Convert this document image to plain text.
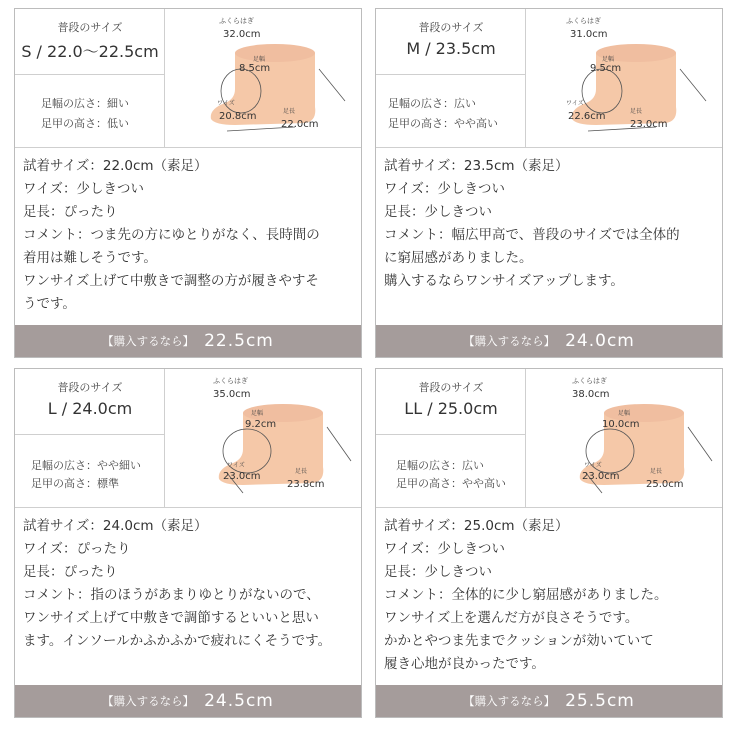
普段のサイズ
S / 22.0〜22.5cm
足幅の広さ：細い
足甲の高さ：低い
ふくらはぎ
32.0cm
足幅
8.5cm
ワイズ
20.8cm	足長
22.0cm
試着サイズ：22.0cm（素足）
ワイズ：少しきつい
足長：ぴったり
コメント：つま先の方にゆとりがなく、長時間の
着用は難しそうです。
ワンサイズ上げて中敷きで調整の方が履きやすそ
うです。
【購入するなら】 22.5cm
普段のサイズ
M / 23.5cm
足幅の広さ：広い
足甲の高さ：やや高い
ふくらはぎ
31.0cm
足幅
9.5cm
ワイズ
22.6cm	足長
23.0cm
試着サイズ：23.5cm（素足）
ワイズ：少しきつい
足長：少しきつい
コメント：幅広甲高で、普段のサイズでは全体的
に窮屈感がありました。
購入するならワンサイズアップします。
【購入するなら】 24.0cm
普段のサイズ
L / 24.0cm
足幅の広さ：やや細い
足甲の高さ：標準
ふくらはぎ
35.0cm
足幅
9.2cm
ワイズ
23.0cm	足長
23.8cm
試着サイズ：24.0cm（素足）
ワイズ：ぴったり
足長：ぴったり
コメント：指のほうがあまりゆとりがないので、
ワンサイズ上げて中敷きで調節するといいと思い
ます。インソールかふかふかで疲れにくそうです。
【購入するなら】 24.5cm
普段のサイズ
LL / 25.0cm
足幅の広さ：広い
足甲の高さ：やや高い
ふくらはぎ
38.0cm
足幅
10.0cm
ワイズ
23.0cm	足長
25.0cm
試着サイズ：25.0cm（素足）
ワイズ：少しきつい
足長：少しきつい
コメント：全体的に少し窮屈感がありました。
ワンサイズ上を選んだ方が良さそうです。
かかとやつま先までクッションが効いていて
履き心地が良かったです。
【購入するなら】 25.5cm
